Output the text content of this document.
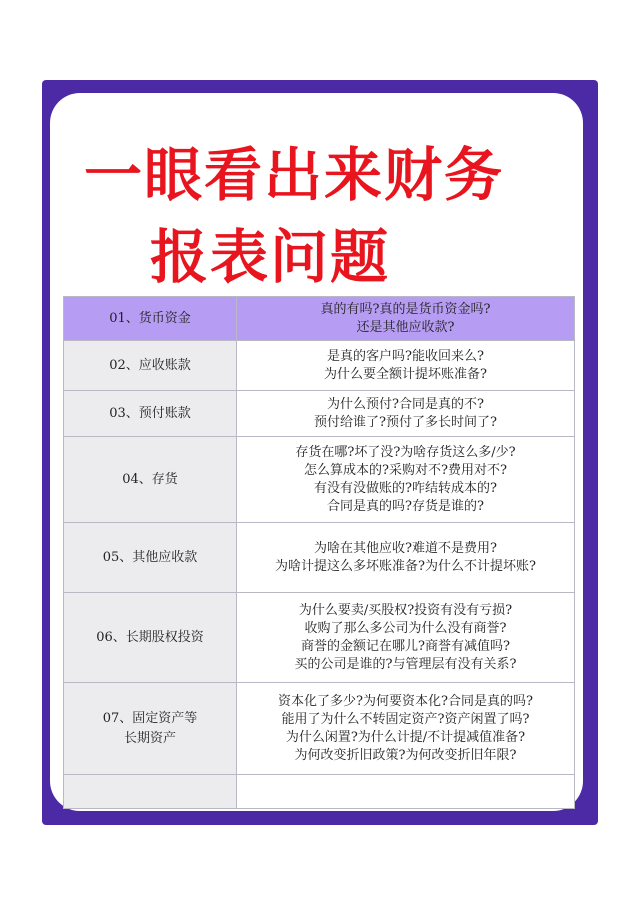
一眼看出来财务
报表问题
01、货币资金	真的有吗?真的是货币资金吗?
还是其他应收款?

02、应收账款	是真的客户吗?能收回来么?
为什么要全额计提坏账准备?

03、预付账款	为什么预付?合同是真的不?
预付给谁了?预付了多长时间了?

04、存货	存货在哪?坏了没?为啥存货这么多/少?
怎么算成本的?采购对不?费用对不?
有没有没做账的?咋结转成本的?
合同是真的吗?存货是谁的?

05、其他应收款	为啥在其他应收?难道不是费用?
为啥计提这么多坏账准备?为什么不计提坏账?

06、长期股权投资	为什么要卖/买股权?投资有没有亏损?
收购了那么多公司为什么没有商誉?
商誉的金额记在哪儿?商誉有减值吗?
买的公司是谁的?与管理层有没有关系?

07、固定资产等
长期资产	资本化了多少?为何要资本化?合同是真的吗?
能用了为什么不转固定资产?资产闲置了吗?
为什么闲置?为什么计提/不计提减值准备?
为何改变折旧政策?为何改变折旧年限?
